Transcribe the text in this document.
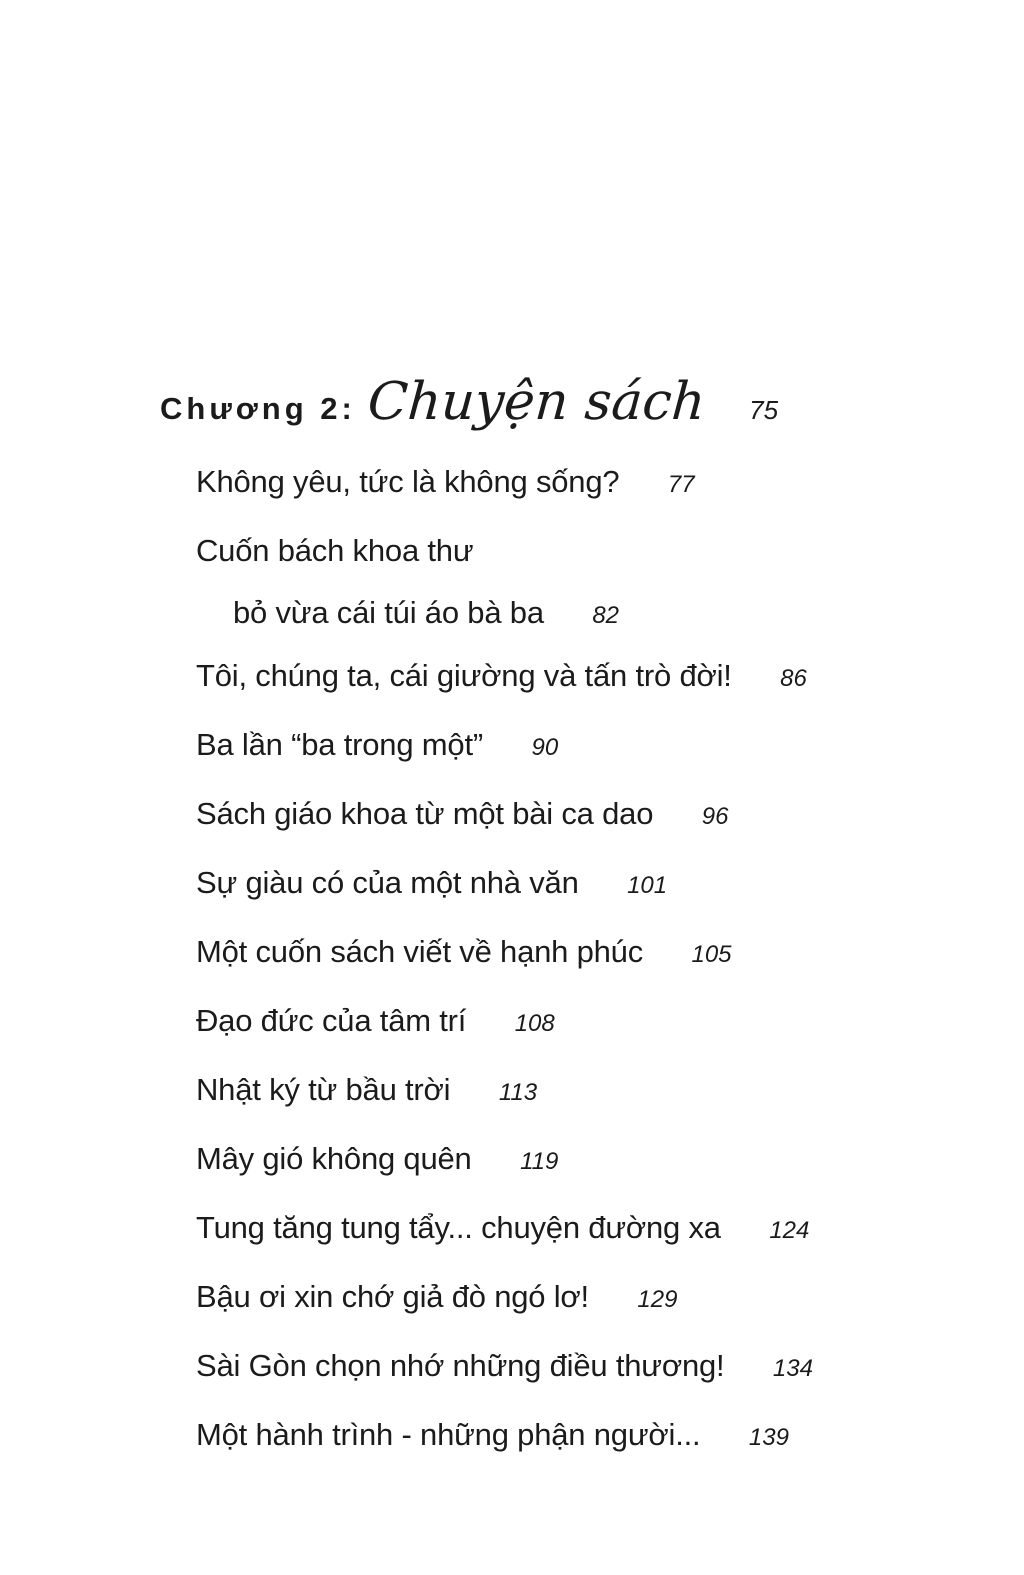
Chương 2: Chuyện sách 75
Không yêu, tức là không sống? 77
Cuốn bách khoa thư
bỏ vừa cái túi áo bà ba 82
Tôi, chúng ta, cái giường và tấn trò đời! 86
Ba lần “ba trong một” 90
Sách giáo khoa từ một bài ca dao 96
Sự giàu có của một nhà văn 101
Một cuốn sách viết về hạnh phúc 105
Đạo đức của tâm trí 108
Nhật ký từ bầu trời 113
Mây gió không quên 119
Tung tăng tung tẩy... chuyện đường xa 124
Bậu ơi xin chớ giả đò ngó lơ! 129
Sài Gòn chọn nhớ những điều thương! 134
Một hành trình - những phận người... 139
